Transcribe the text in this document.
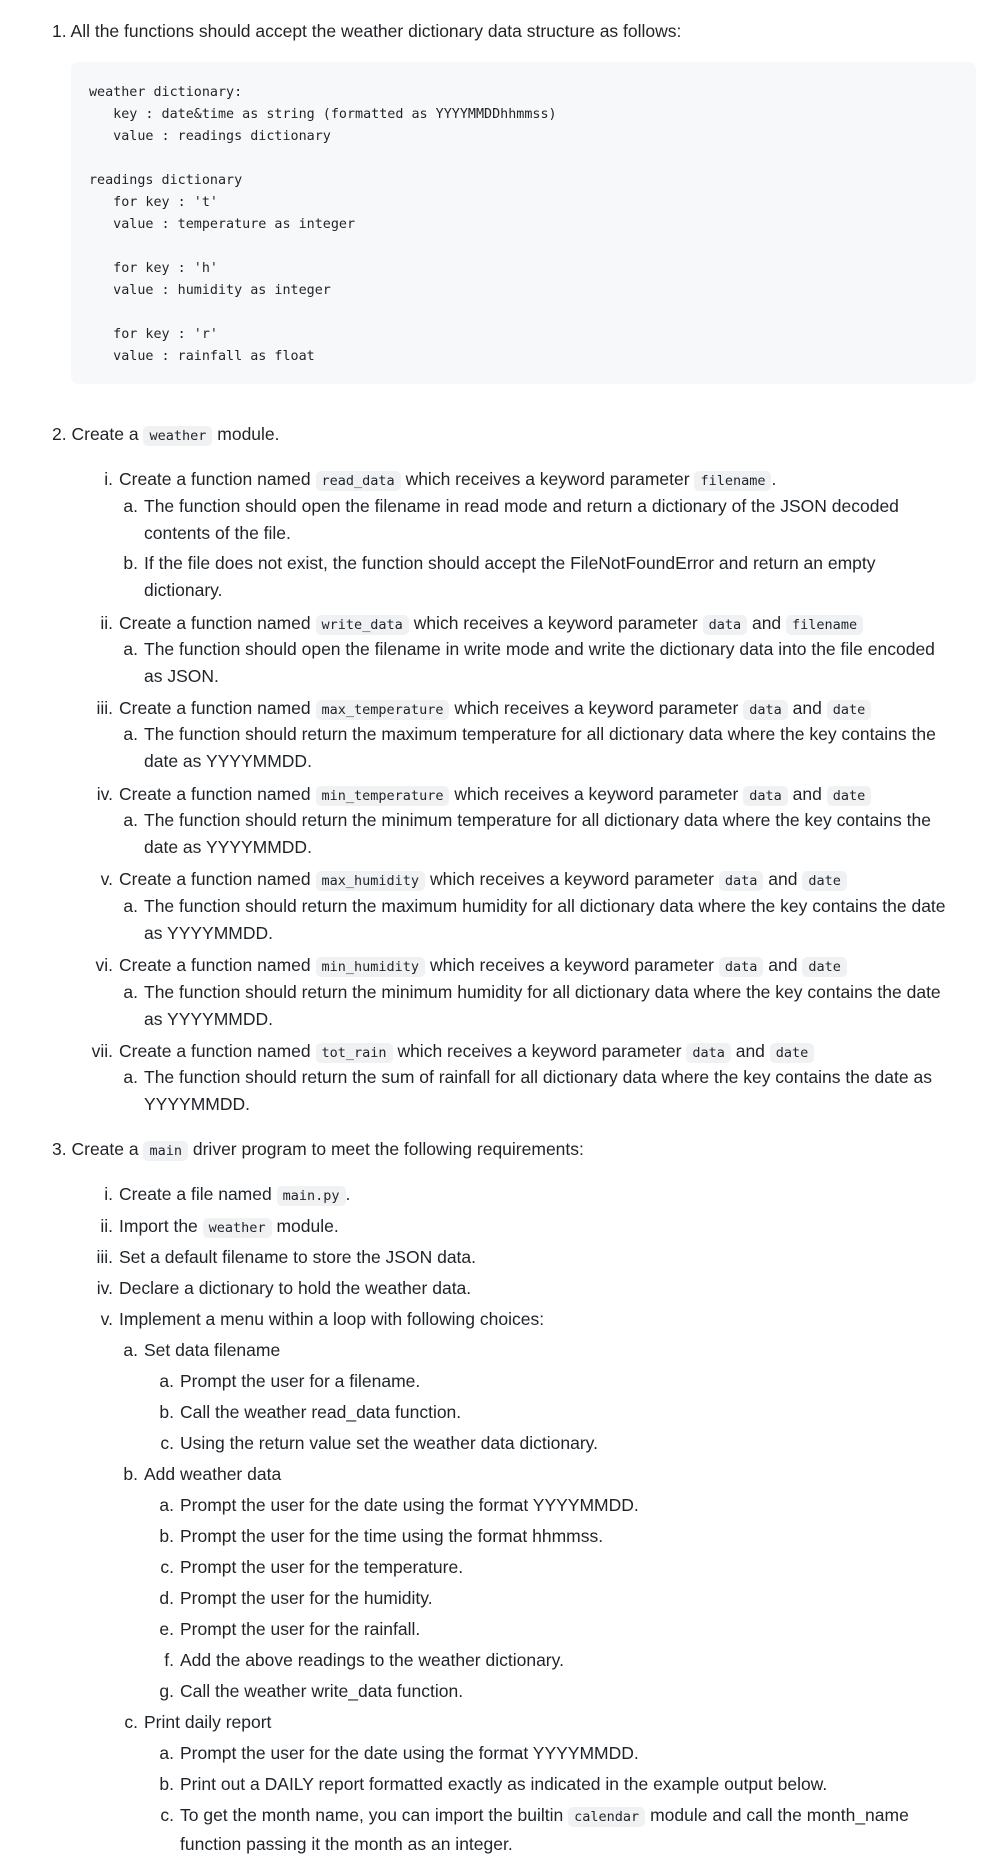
1. All the functions should accept the weather dictionary data structure as follows:
weather dictionary:
key : date&time as string (formatted as YYYYMMDDhhmmss)
value : readings dictionary

readings dictionary
for key : 't'
value : temperature as integer

for key : 'h'
value : humidity as integer

for key : 'r'
value : rainfall as float
2. Create a weather module.
i. Create a function named read_data which receives a keyword parameter filename .
a. The function should open the filename in read mode and return a dictionary of the JSON decoded
contents of the file.
b. If the file does not exist, the function should accept the FileNotFoundError and return an empty
dictionary.
ii. Create a function named write_data which receives a keyword parameter data and filename
a. The function should open the filename in write mode and write the dictionary data into the file encoded
as JSON.
iii. Create a function named max_temperature which receives a keyword parameter data and date
a. The function should return the maximum temperature for all dictionary data where the key contains the
date as YYYYMMDD.
iv. Create a function named min_temperature which receives a keyword parameter data and date
a. The function should return the minimum temperature for all dictionary data where the key contains the
date as YYYYMMDD.
v. Create a function named max_humidity which receives a keyword parameter data and date
a. The function should return the maximum humidity for all dictionary data where the key contains the date
as YYYYMMDD.
vi. Create a function named min_humidity which receives a keyword parameter data and date
a. The function should return the minimum humidity for all dictionary data where the key contains the date
as YYYYMMDD.
vii. Create a function named tot_rain which receives a keyword parameter data and date
a. The function should return the sum of rainfall for all dictionary data where the key contains the date as
YYYYMMDD.
3. Create a main driver program to meet the following requirements:
i. Create a file named main.py .
ii. Import the weather module.
iii. Set a default filename to store the JSON data.
iv. Declare a dictionary to hold the weather data.
v. Implement a menu within a loop with following choices:
a. Set data filename
a. Prompt the user for a filename.
b. Call the weather read_data function.
c. Using the return value set the weather data dictionary.
b. Add weather data
a. Prompt the user for the date using the format YYYYMMDD.
b. Prompt the user for the time using the format hhmmss.
c. Prompt the user for the temperature.
d. Prompt the user for the humidity.
e. Prompt the user for the rainfall.
f. Add the above readings to the weather dictionary.
g. Call the weather write_data function.
c. Print daily report
a. Prompt the user for the date using the format YYYYMMDD.
b. Print out a DAILY report formatted exactly as indicated in the example output below.
c. To get the month name, you can import the builtin calendar module and call the month_name
function passing it the month as an integer.
